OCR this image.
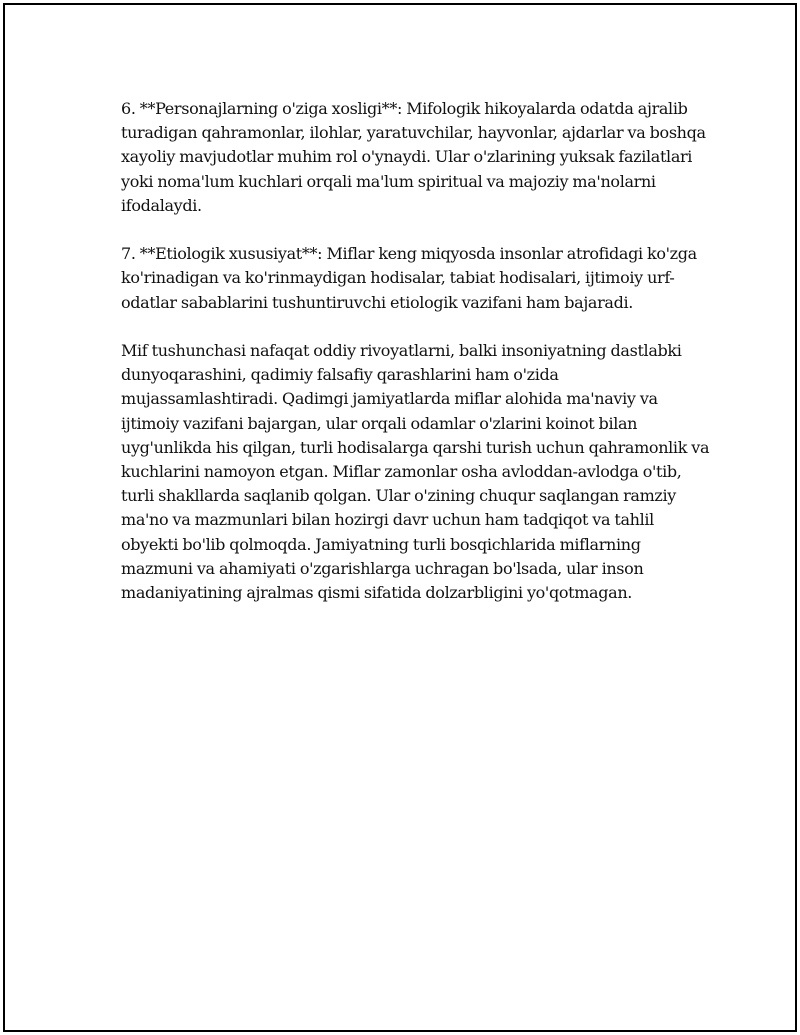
6. **Personajlarning o'ziga xosligi**: Mifologik hikoyalarda odatda ajralib
turadigan qahramonlar, ilohlar, yaratuvchilar, hayvonlar, ajdarlar va boshqa
xayoliy mavjudotlar muhim rol o'ynaydi. Ular o'zlarining yuksak fazilatlari
yoki noma'lum kuchlari orqali ma'lum spiritual va majoziy ma'nolarni
ifodalaydi.

7. **Etiologik xususiyat**: Miflar keng miqyosda insonlar atrofidagi ko'zga
ko'rinadigan va ko'rinmaydigan hodisalar, tabiat hodisalari, ijtimoiy urf-
odatlar sabablarini tushuntiruvchi etiologik vazifani ham bajaradi.

Mif tushunchasi nafaqat oddiy rivoyatlarni, balki insoniyatning dastlabki
dunyoqarashini, qadimiy falsafiy qarashlarini ham o'zida
mujassamlashtiradi. Qadimgi jamiyatlarda miflar alohida ma'naviy va
ijtimoiy vazifani bajargan, ular orqali odamlar o'zlarini koinot bilan
uyg'unlikda his qilgan, turli hodisalarga qarshi turish uchun qahramonlik va
kuchlarini namoyon etgan. Miflar zamonlar osha avloddan-avlodga o'tib,
turli shakllarda saqlanib qolgan. Ular o'zining chuqur saqlangan ramziy
ma'no va mazmunlari bilan hozirgi davr uchun ham tadqiqot va tahlil
obyekti bo'lib qolmoqda. Jamiyatning turli bosqichlarida miflarning
mazmuni va ahamiyati o'zgarishlarga uchragan bo'lsada, ular inson
madaniyatining ajralmas qismi sifatida dolzarbligini yo'qotmagan.
